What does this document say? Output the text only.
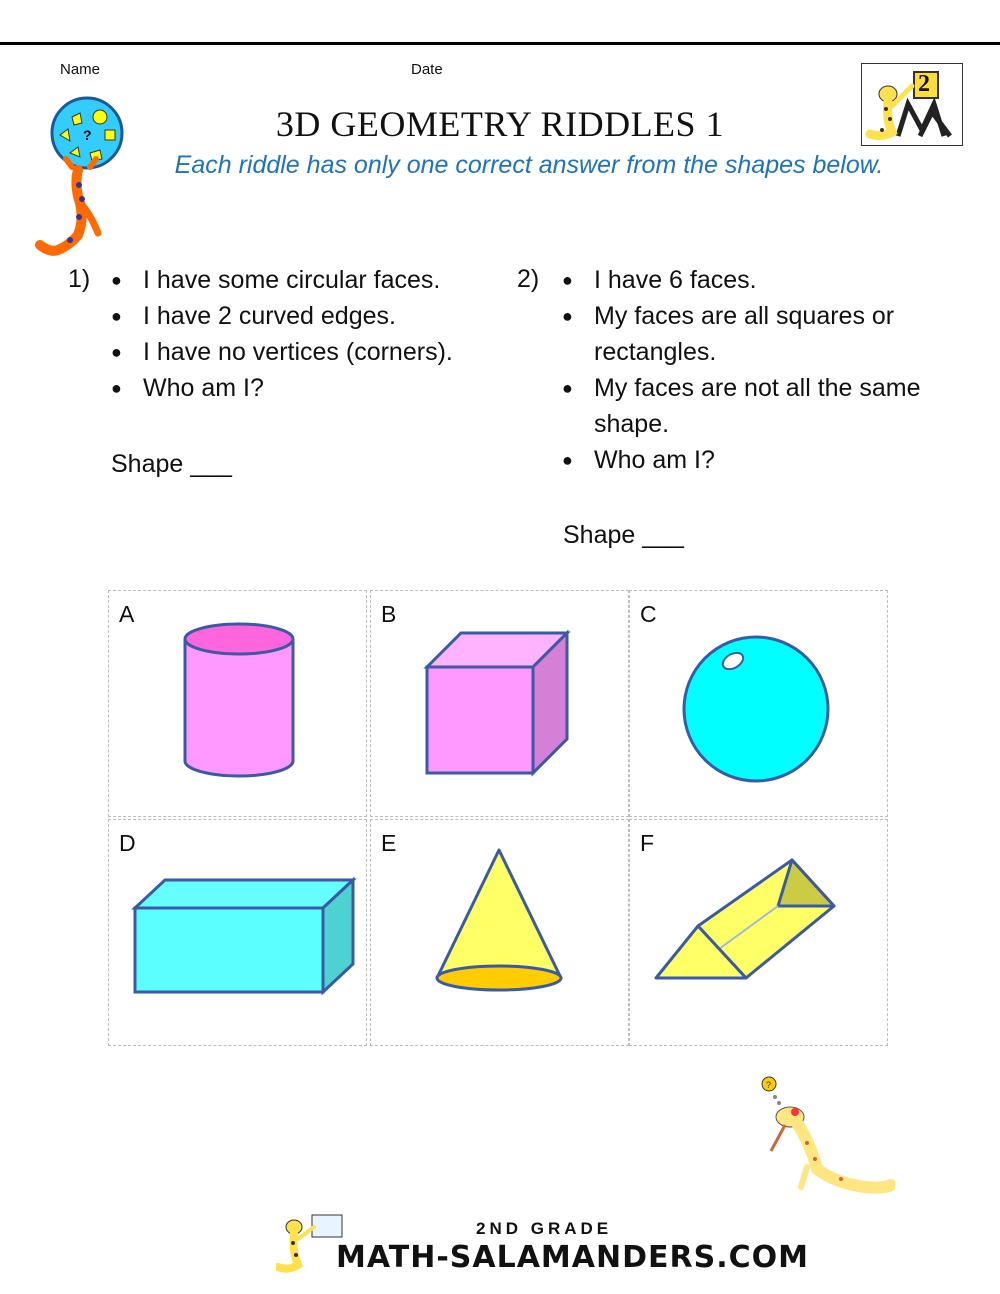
Name	Date
?
2
3D GEOMETRY RIDDLES 1
Each riddle has only one correct answer from the shapes below.
1)	● I have some circular faces.
● I have 2 curved edges.
● I have no vertices (corners).
● Who am I?
Shape ___
2)	● I have 6 faces.
● My faces are all squares or rectangles.
● My faces are not all the same shape.
● Who am I?
Shape ___
A	B	C
D	E	F
?
2ND GRADE
MATH-SALAMANDERS.COM
